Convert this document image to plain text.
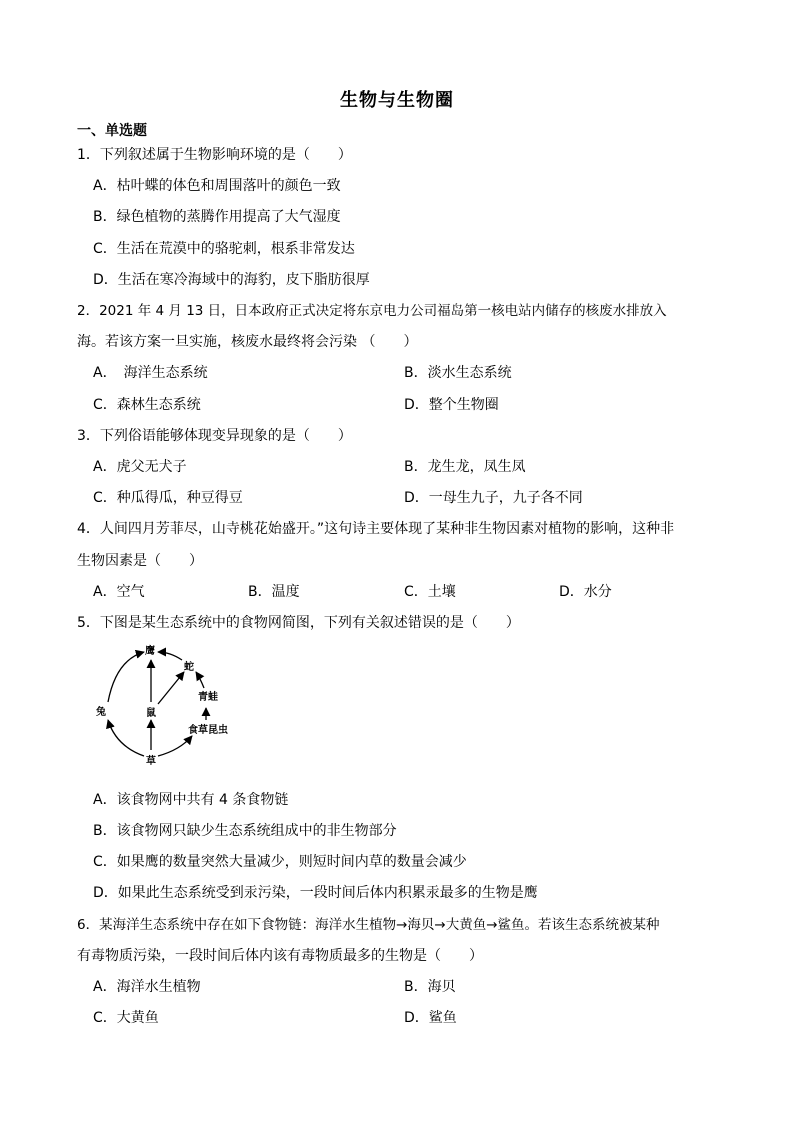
生物与生物圈
一、单选题
1．下列叙述属于生物影响环境的是（　　）
A．枯叶蝶的体色和周围落叶的颜色一致
B．绿色植物的蒸腾作用提高了大气湿度
C．生活在荒漠中的骆驼刺，根系非常发达
D．生活在寒冷海域中的海豹，皮下脂肪很厚
2．2021 年 4 月 13 日，日本政府正式决定将东京电力公司福岛第一核电站内储存的核废水排放入
海。若该方案一旦实施，核废水最终将会污染 （　　）
A．　海洋生态系统	B．淡水生态系统
C．森林生态系统	D．整个生物圈
3．下列俗语能够体现变异现象的是（　　）
A．虎父无犬子	B．龙生龙，凤生凤
C．种瓜得瓜，种豆得豆	D．一母生九子，九子各不同
4．人间四月芳菲尽，山寺桃花始盛开。”这句诗主要体现了某种非生物因素对植物的影响，这种非
生物因素是（　　）
A．空气	B．温度	C．土壤	D．水分
5．下图是某生态系统中的食物网简图，下列有关叙述错误的是（　　）
鹰
蛇
青蛙
兔	鼠
食草昆虫
草
A．该食物网中共有 4 条食物链
B．该食物网只缺少生态系统组成中的非生物部分
C．如果鹰的数量突然大量减少，则短时间内草的数量会减少
D．如果此生态系统受到汞污染，一段时间后体内积累汞最多的生物是鹰
6．某海洋生态系统中存在如下食物链：海洋水生植物→海贝→大黄鱼→鲨鱼。若该生态系统被某种
有毒物质污染，一段时间后体内该有毒物质最多的生物是（　　）
A．海洋水生植物	B．海贝
C．大黄鱼	D．鲨鱼
